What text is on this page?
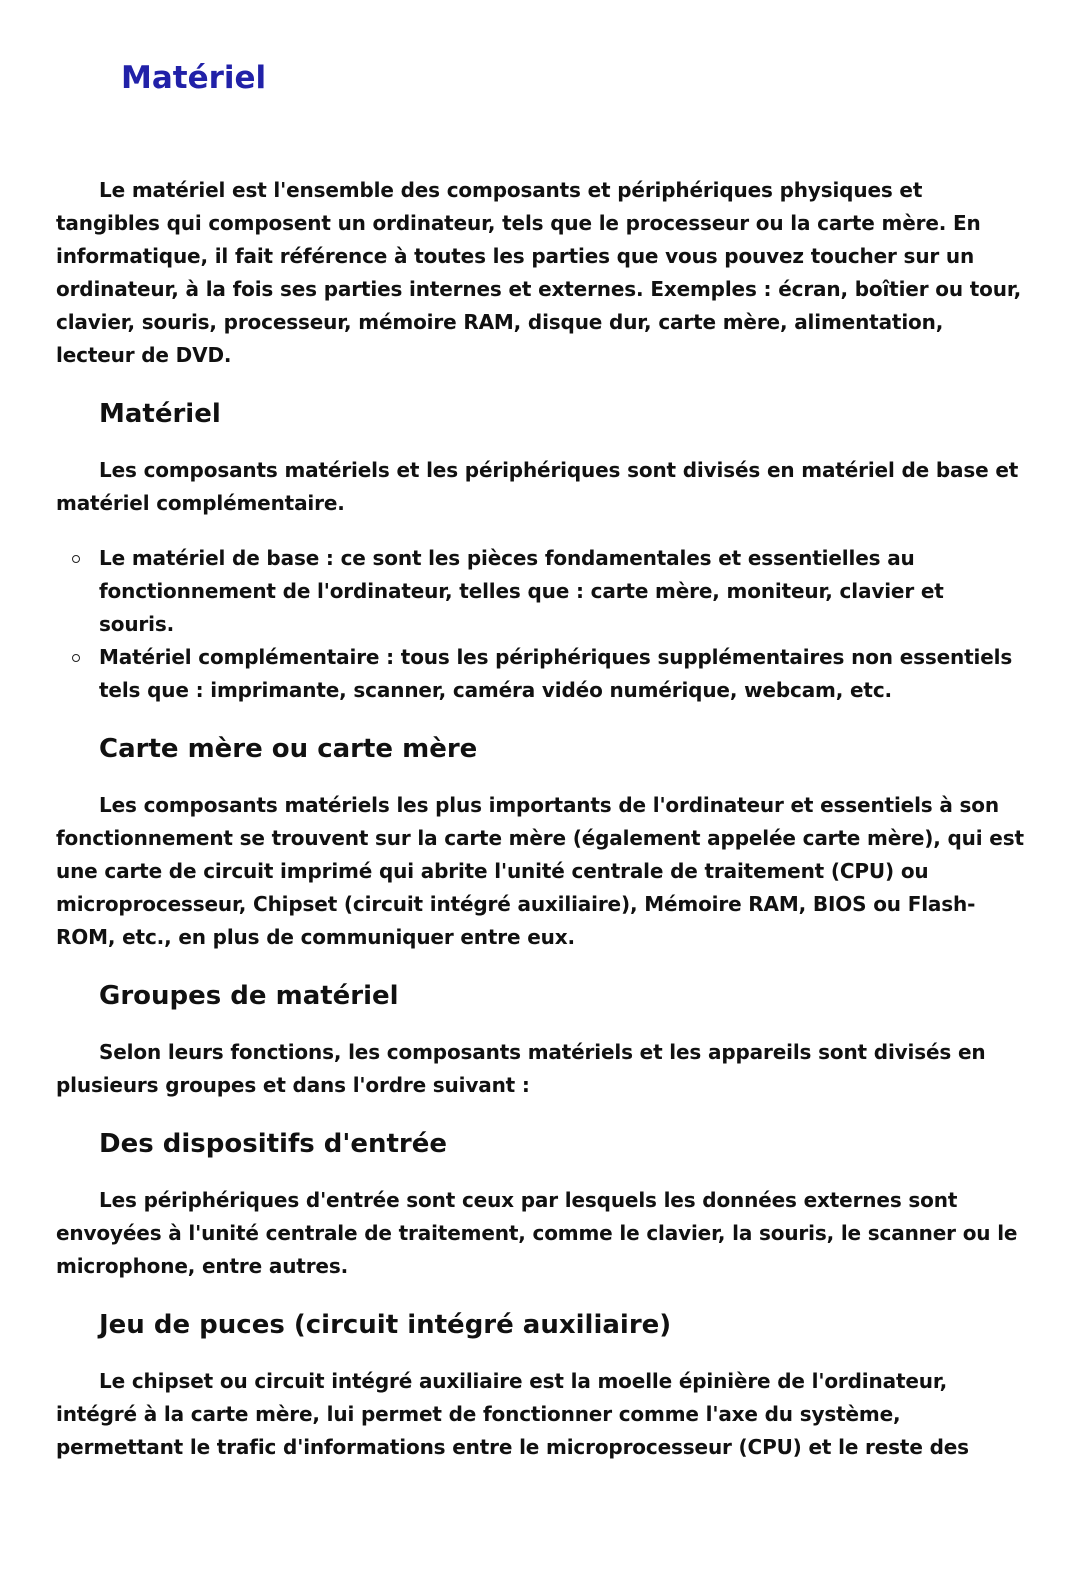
Matériel

Le matériel est l'ensemble des composants et périphériques physiques et tangibles qui composent un ordinateur, tels que le processeur ou la carte mère. En informatique, il fait référence à toutes les parties que vous pouvez toucher sur un ordinateur, à la fois ses parties internes et externes. Exemples : écran, boîtier ou tour, clavier, souris, processeur, mémoire RAM, disque dur, carte mère, alimentation, lecteur de DVD.

Matériel

Les composants matériels et les périphériques sont divisés en matériel de base et matériel complémentaire.

Le matériel de base : ce sont les pièces fondamentales et essentielles au fonctionnement de l'ordinateur, telles que : carte mère, moniteur, clavier et souris.
Matériel complémentaire : tous les périphériques supplémentaires non essentiels tels que : imprimante, scanner, caméra vidéo numérique, webcam, etc.
Carte mère ou carte mère

Les composants matériels les plus importants de l'ordinateur et essentiels à son fonctionnement se trouvent sur la carte mère (également appelée carte mère), qui est une carte de circuit imprimé qui abrite l'unité centrale de traitement (CPU) ou microprocesseur, Chipset (circuit intégré auxiliaire), Mémoire RAM, BIOS ou Flash-ROM, etc., en plus de communiquer entre eux.

Groupes de matériel

Selon leurs fonctions, les composants matériels et les appareils sont divisés en plusieurs groupes et dans l'ordre suivant :

Des dispositifs d'entrée

Les périphériques d'entrée sont ceux par lesquels les données externes sont envoyées à l'unité centrale de traitement, comme le clavier, la souris, le scanner ou le microphone, entre autres.

Jeu de puces (circuit intégré auxiliaire)

Le chipset ou circuit intégré auxiliaire est la moelle épinière de l'ordinateur, intégré à la carte mère, lui permet de fonctionner comme l'axe du système, permettant le trafic d'informations entre le microprocesseur (CPU) et le reste des
